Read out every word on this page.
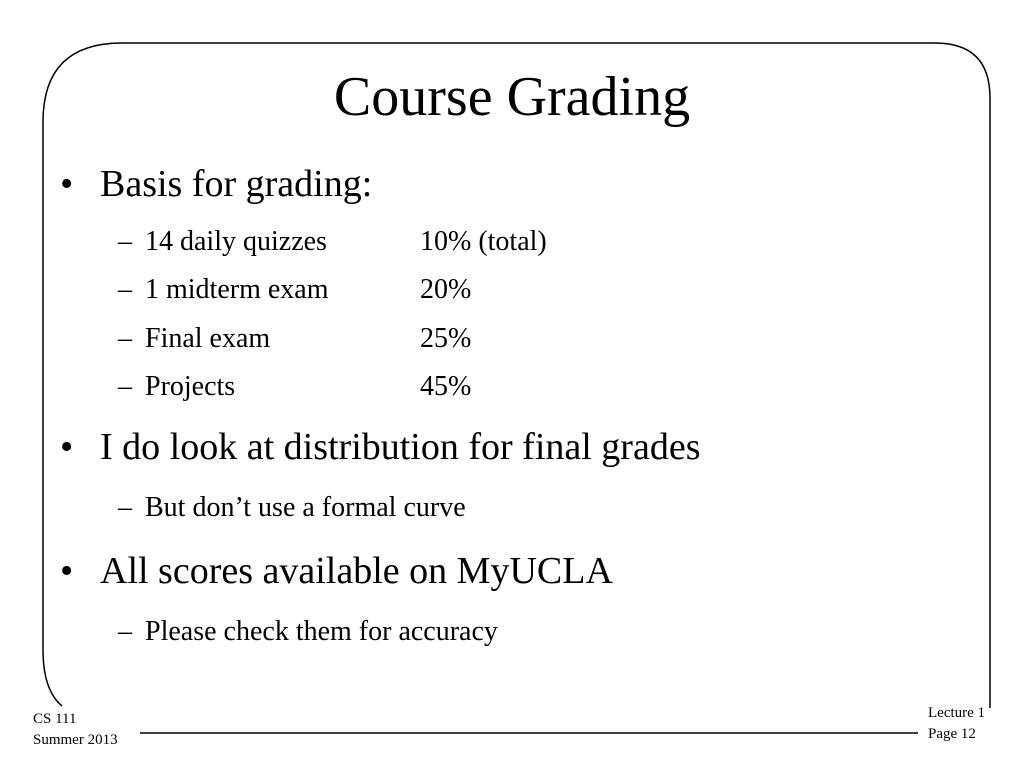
Course Grading
• Basis for grading:
– 14 daily quizzes	10% (total)
– 1 midterm exam	20%
– Final exam	25%
– Projects	45%
• I do look at distribution for final grades
– But don’t use a formal curve
• All scores available on MyUCLA
– Please check them for accuracy
CS 111
Summer 2013
Lecture 1
Page 12
